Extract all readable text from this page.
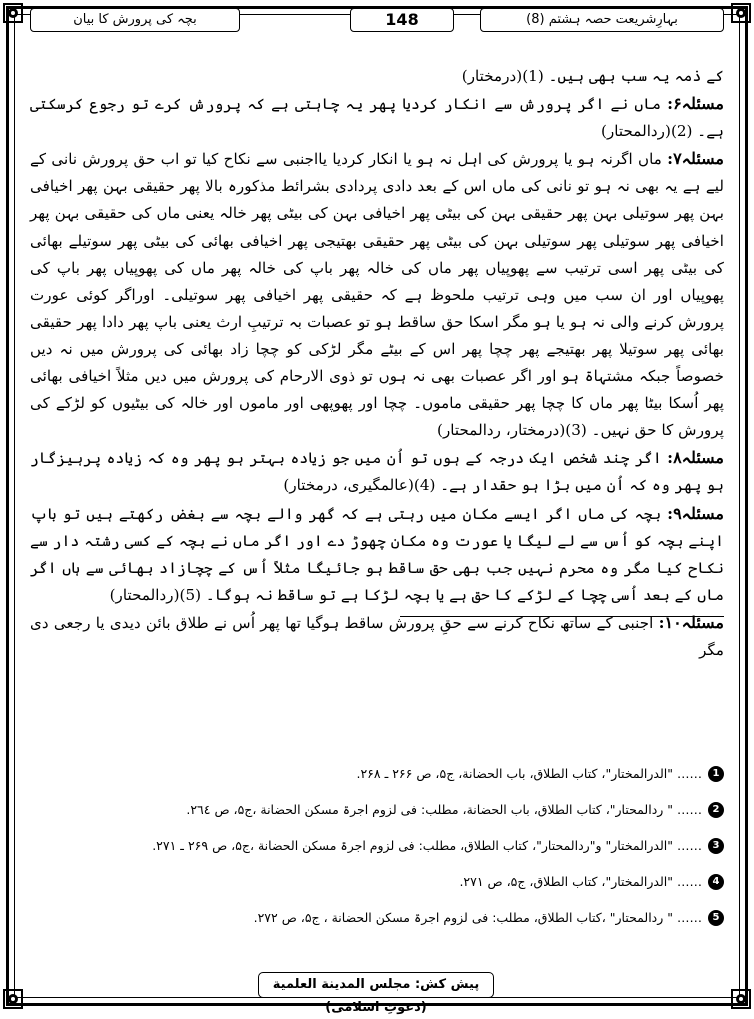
بہارِشریعت حصہ ہشتم (8)
148
بچہ کی پرورش کا بیان

کے ذمہ یہ سب بھی ہیں۔ (1)(درمختار)

مسئلہ۶: ماں نے اگر پرورش سے انکار کردیا پھر یہ چاہتی ہے کہ پرورش کرے تو رجوع کرسکتی ہے۔ (2)(ردالمحتار)

مسئلہ۷: ماں اگرنہ ہو یا پرورش کی اہل نہ ہو یا انکار کردیا یااجنبی سے نکاح کیا تو اب حق پرورش نانی کے لیے ہے یہ بھی نہ ہو تو نانی کی ماں اس کے بعد دادی پردادی بشرائط مذکورہ بالا پھر حقیقی بہن پھر اخیافی بہن پھر سوتیلی بہن پھر حقیقی بہن کی بیٹی پھر اخیافی بہن کی بیٹی پھر خالہ یعنی ماں کی حقیقی بہن پھر اخیافی پھر سوتیلی پھر سوتیلی بہن کی بیٹی پھر حقیقی بھتیجی پھر اخیافی بھائی کی بیٹی پھر سوتیلے بھائی کی بیٹی پھر اسی ترتیب سے پھوپیاں پھر ماں کی خالہ پھر باپ کی خالہ پھر ماں کی پھوپیاں پھر باپ کی پھوپیاں اور ان سب میں وہی ترتیب ملحوظ ہے کہ حقیقی پھر اخیافی پھر سوتیلی۔ اوراگر کوئی عورت پرورش کرنے والی نہ ہو یا ہو مگر اسکا حق ساقط ہو تو عصبات بہ ترتیبِ ارث یعنی باپ پھر دادا پھر حقیقی بھائی پھر سوتیلا پھر بھتیجے پھر چچا پھر اس کے بیٹے مگر لڑکی کو چچا زاد بھائی کی پرورش میں نہ دیں خصوصاً جبکہ مشتہاۃ ہو اور اگر عصبات بھی نہ ہوں تو ذوی الارحام کی پرورش میں دیں مثلاً اخیافی بھائی پھر اُسکا بیٹا پھر ماں کا چچا پھر حقیقی ماموں۔ چچا اور پھوپھی اور ماموں اور خالہ کی بیٹیوں کو لڑکے کی پرورش کا حق نہیں۔ (3)(درمختار، ردالمحتار)

مسئلہ۸: اگر چند شخص ایک درجہ کے ہوں تو اُن میں جو زیادہ بہتر ہو پھر وہ کہ زیادہ پرہیزگار ہو پھر وہ کہ اُن میں بڑا ہو حقدار ہے۔ (4)(عالمگیری، درمختار)

مسئلہ۹: بچہ کی ماں اگر ایسے مکان میں رہتی ہے کہ گھر والے بچہ سے بغض رکھتے ہیں تو باپ اپنے بچہ کو اُس سے لے لیگا یا عورت وہ مکان چھوڑ دے اور اگر ماں نے بچہ کے کسی رشتہ دار سے نکاح کیا مگر وہ محرم نہیں جب بھی حق ساقط ہو جائیگا مثلاً اُس کے چچازاد بھائی سے ہاں اگر ماں کے بعد اُسی چچا کے لڑکے کا حق ہے یا بچہ لڑکا ہے تو ساقط نہ ہوگا۔ (5)(ردالمحتار)

مسئلہ۱۰: اجنبی کے ساتھ نکاح کرنے سے حقِ پرورش ساقط ہوگیا تھا پھر اُس نے طلاق بائن دیدی یا رجعی دی مگر

1
…… "الدرالمختار"، کتاب الطلاق، باب الحضانة، ج۵، ص ۲۶۶ ـ ۲۶۸.
2
…… " ردالمحتار"، کتاب الطلاق، باب الحضانة، مطلب: فی لزوم اجرۃ مسکن الحضانة ،ج۵، ص ۲٦٤.
3
…… "الدرالمختار" و"ردالمحتار"، کتاب الطلاق، مطلب: فی لزوم اجرۃ مسکن الحضانة ،ج۵، ص ۲۶۹ ـ ۲۷۱.
4
…… "الدرالمختار"، کتاب الطلاق، ج۵، ص ۲۷۱.
5
…… " ردالمحتار" ،کتاب الطلاق، مطلب: فی لزوم اجرۃ مسکن الحضانة ، ج۵، ص ۲۷۲.
پیش کش: مجلس المدینة العلمیة (دعوتِ اسلامی)
